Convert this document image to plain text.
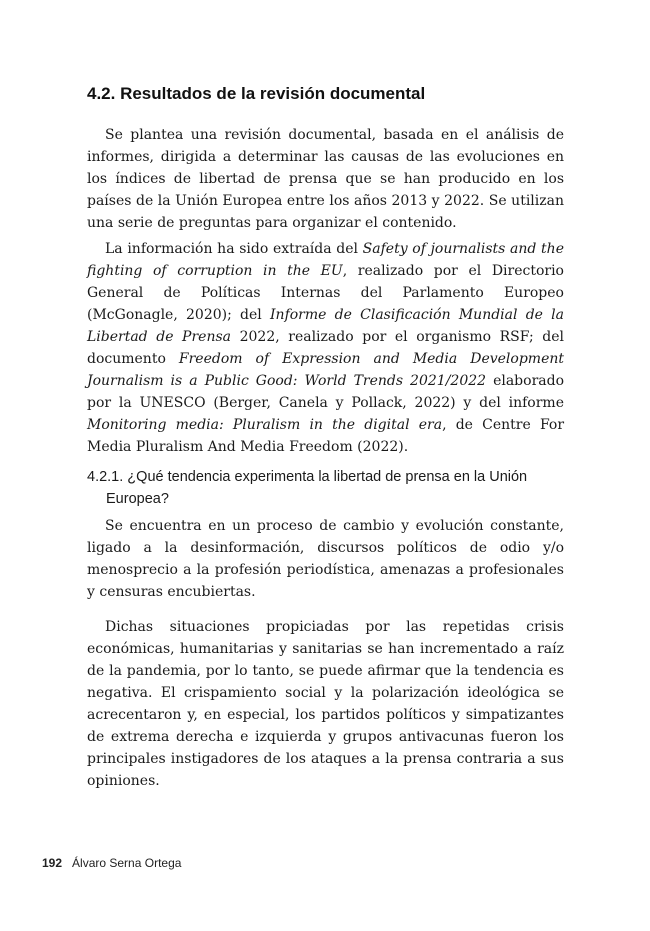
4.2. Resultados de la revisión documental

Se plantea una revisión documental, basada en el análisis de informes, dirigida a determinar las causas de las evoluciones en los índices de libertad de prensa que se han producido en los países de la Unión Europea entre los años 2013 y 2022. Se utilizan una serie de preguntas para organizar el contenido.

La información ha sido extraída del Safety of journalists and the fighting of corruption in the EU, realizado por el Directorio General de Políticas Internas del Parlamento Europeo (McGonagle, 2020); del Informe de Clasificación Mundial de la Libertad de Prensa 2022, realizado por el organismo RSF; del documento Freedom of Expression and Media Development Journalism is a Public Good: World Trends 2021/2022 elaborado por la UNESCO (Berger, Canela y Pollack, 2022) y del informe Monitoring media: Pluralism in the digital era, de Centre For Media Pluralism And Media Freedom (2022).

4.2.1. ¿Qué tendencia experimenta la libertad de prensa en la Unión
Europea?

Se encuentra en un proceso de cambio y evolución constante, ligado a la desinformación, discursos políticos de odio y/o menosprecio a la profesión periodística, amenazas a profesionales y censuras encubiertas.

Dichas situaciones propiciadas por las repetidas crisis económicas, humanitarias y sanitarias se han incrementado a raíz de la pandemia, por lo tanto, se puede afirmar que la tendencia es negativa. El crispamiento social y la polarización ideológica se acrecentaron y, en especial, los partidos políticos y simpatizantes de extrema derecha e izquierda y grupos antivacunas fueron los principales instigadores de los ataques a la prensa contraria a sus opiniones.

192 Álvaro Serna Ortega
